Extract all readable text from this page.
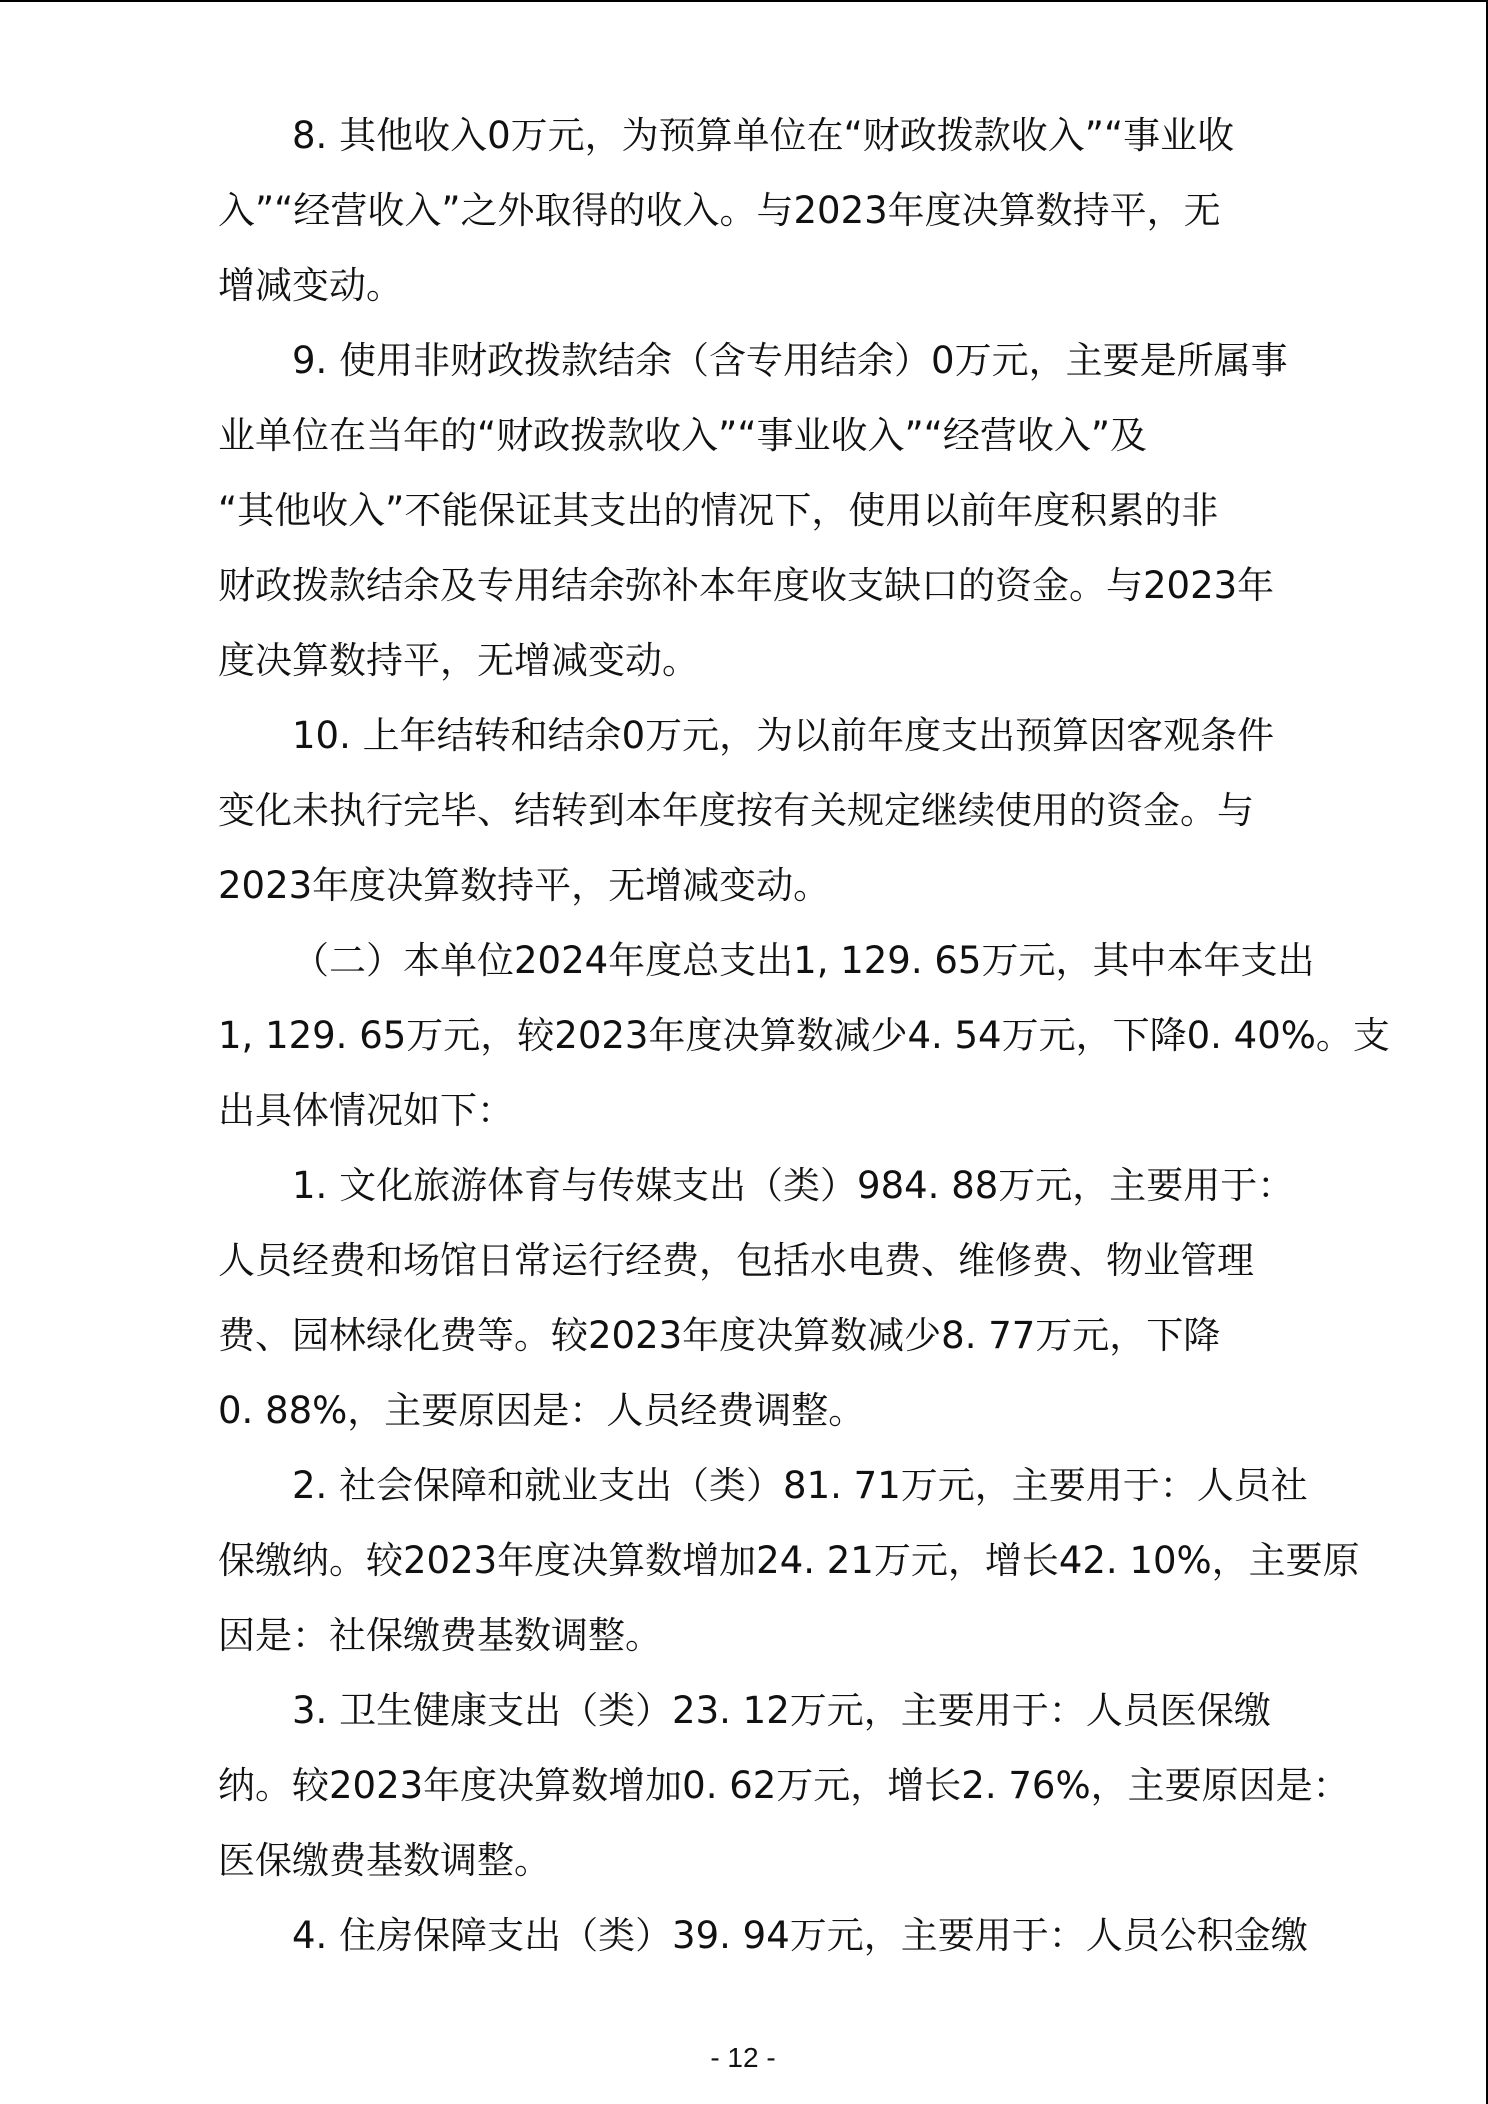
8. 其他收入0万元，为预算单位在“财政拨款收入”“事业收

入”“经营收入”之外取得的收入。与2023年度决算数持平，无

增减变动。

9. 使用非财政拨款结余（含专用结余）0万元，主要是所属事

业单位在当年的“财政拨款收入”“事业收入”“经营收入”及

“其他收入”不能保证其支出的情况下，使用以前年度积累的非

财政拨款结余及专用结余弥补本年度收支缺口的资金。与2023年

度决算数持平，无增减变动。

10. 上年结转和结余0万元，为以前年度支出预算因客观条件

变化未执行完毕、结转到本年度按有关规定继续使用的资金。与

2023年度决算数持平，无增减变动。

（二）本单位2024年度总支出1, 129. 65万元，其中本年支出

1, 129. 65万元，较2023年度决算数减少4. 54万元，下降0. 40%。支

出具体情况如下：

1. 文化旅游体育与传媒支出（类）984. 88万元，主要用于：

人员经费和场馆日常运行经费，包括水电费、维修费、物业管理

费、园林绿化费等。较2023年度决算数减少8. 77万元，下降

0. 88%，主要原因是：人员经费调整。

2. 社会保障和就业支出（类）81. 71万元，主要用于：人员社

保缴纳。较2023年度决算数增加24. 21万元，增长42. 10%，主要原

因是：社保缴费基数调整。

3. 卫生健康支出（类）23. 12万元，主要用于：人员医保缴

纳。较2023年度决算数增加0. 62万元，增长2. 76%，主要原因是：

医保缴费基数调整。

4. 住房保障支出（类）39. 94万元，主要用于：人员公积金缴

- 12 -
